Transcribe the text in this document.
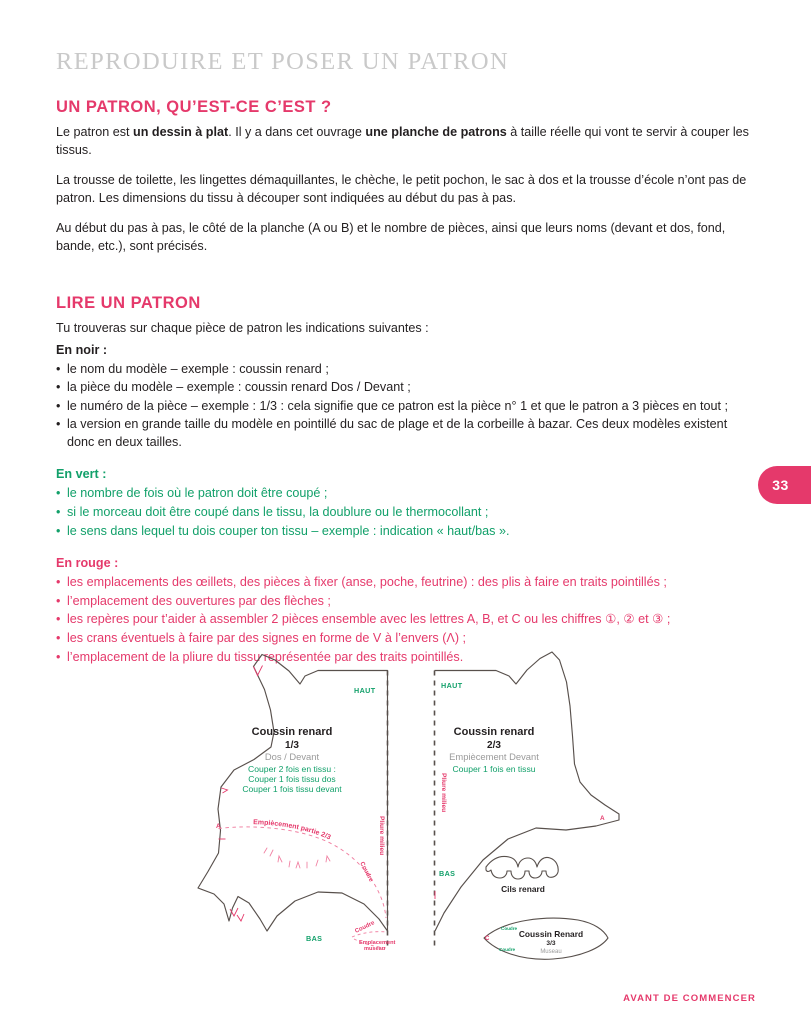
33
REPRODUIRE ET POSER UN PATRON
UN PATRON, QU’EST-CE C’EST ?

Le patron est un dessin à plat. Il y a dans cet ouvrage une planche de patrons à taille réelle qui vont te servir à couper les tissus.

La trousse de toilette, les lingettes démaquillantes, le chèche, le petit pochon, le sac à dos et la trousse d’école n’ont pas de patron. Les dimensions du tissu à découper sont indiquées au début du pas à pas.

Au début du pas à pas, le côté de la planche (A ou B) et le nombre de pièces, ainsi que leurs noms (devant et dos, fond, bande, etc.), sont précisés.

LIRE UN PATRON

Tu trouveras sur chaque pièce de patron les indications suivantes :

En noir :
• le nom du modèle – exemple : coussin renard ;
• la pièce du modèle – exemple : coussin renard Dos / Devant ;
• le numéro de la pièce – exemple : 1/3 : cela signifie que ce patron est la pièce n° 1 et que le patron a 3 pièces en tout ;
• la version en grande taille du modèle en pointillé du sac de plage et de la corbeille à bazar. Ces deux modèles existent donc en deux tailles.
En vert :
• le nombre de fois où le patron doit être coupé ;
• si le morceau doit être coupé dans le tissu, la doublure ou le thermocollant ;
• le sens dans lequel tu dois couper ton tissu – exemple : indication « haut/bas ».
En rouge :
• les emplacements des œillets, des pièces à fixer (anse, poche, feutrine) : des plis à faire en traits pointillés ;
• l’emplacement des ouvertures par des flèches ;
• les repères pour t’aider à assembler 2 pièces ensemble avec les lettres A, B, et C ou les chiffres ①, ② et ③ ;
• les crans éventuels à faire par des signes en forme de V à l’envers (Λ) ;
• l’emplacement de la pliure du tissu représentée par des traits pointillés.
HAUT
BAS
Pliure milieu
A
Empiècement partie 2/3
Coudre
Coudre
Emplacement
museau
Coussin renard
1/3
Dos / Devant
Couper 2 fois en tissu :
Couper 1 fois tissu dos
Couper 1 fois tissu devant
HAUT
BAS
Pliure milieu
A
Coussin renard
2/3
Empiècement Devant
Couper 1 fois en tissu
Cils renard
C
Coudre
Coudre
Coussin Renard
3/3
Museau
AVANT DE COMMENCER
